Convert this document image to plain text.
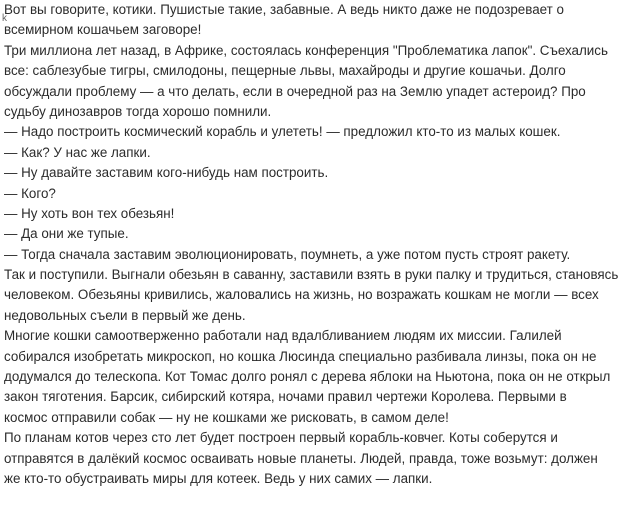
k
Вот вы говорите, котики. Пушистые такие, забавные. А ведь никто даже не подозревает о
всемирном кошачьем заговоре!
Три миллиона лет назад, в Африке, состоялась конференция "Проблематика лапок". Съехались
все: саблезубые тигры, смилодоны, пещерные львы, махайроды и другие кошачьи. Долго
обсуждали проблему — а что делать, если в очередной раз на Землю упадет астероид? Про
судьбу динозавров тогда хорошо помнили.
— Надо построить космический корабль и улететь! — предложил кто-то из малых кошек.
— Как? У нас же лапки.
— Ну давайте заставим кого-нибудь нам построить.
— Кого?
— Ну хоть вон тех обезьян!
— Да они же тупые.
— Тогда сначала заставим эволюционировать, поумнеть, а уже потом пусть строят ракету.
Так и поступили. Выгнали обезьян в саванну, заставили взять в руки палку и трудиться, становясь
человеком. Обезьяны кривились, жаловались на жизнь, но возражать кошкам не могли — всех
недовольных съели в первый же день.
Многие кошки самоотверженно работали над вдалбливанием людям их миссии. Галилей
собирался изобретать микроскоп, но кошка Люсинда специально разбивала линзы, пока он не
додумался до телескопа. Кот Томас долго ронял с дерева яблоки на Ньютона, пока он не открыл
закон тяготения. Барсик, сибирский котяра, ночами правил чертежи Королева. Первыми в
космос отправили собак — ну не кошками же рисковать, в самом деле!
По планам котов через сто лет будет построен первый корабль-ковчег. Коты соберутся и
отправятся в далёкий космос осваивать новые планеты. Людей, правда, тоже возьмут: должен
же кто-то обустраивать миры для котеек. Ведь у них самих — лапки.
